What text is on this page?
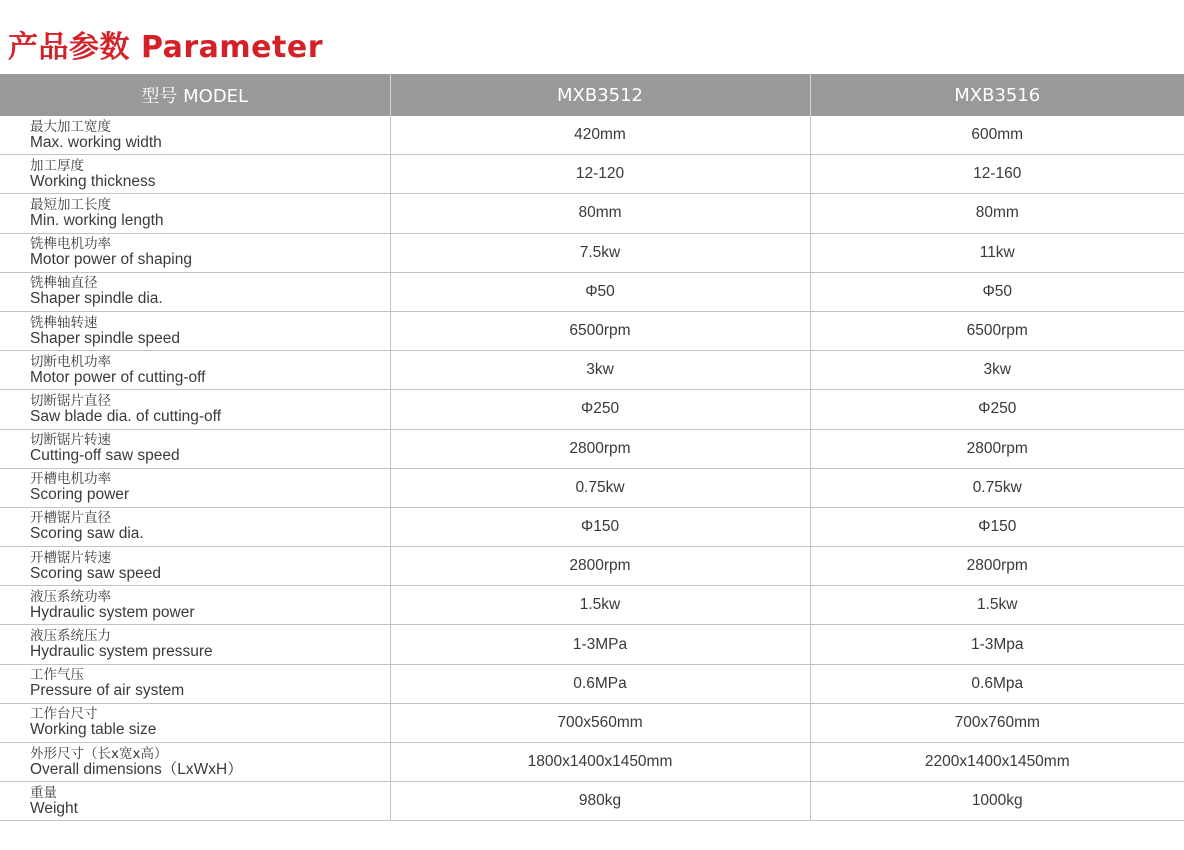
产品参数 Parameter
型号 MODEL	MXB3512	MXB3516

最大加工宽度
Max. working width	420mm	600mm

加工厚度
Working thickness	12-120	12-160

最短加工长度
Min. working length	80mm	80mm

铣榫电机功率
Motor power of shaping	7.5kw	11kw

铣榫轴直径
Shaper spindle dia.	Φ50	Φ50

铣榫轴转速
Shaper spindle speed	6500rpm	6500rpm

切断电机功率
Motor power of cutting-off	3kw	3kw

切断锯片直径
Saw blade dia. of cutting-off	Φ250	Φ250

切断锯片转速
Cutting-off saw speed	2800rpm	2800rpm

开槽电机功率
Scoring power	0.75kw	0.75kw

开槽锯片直径
Scoring saw dia.	Φ150	Φ150

开槽锯片转速
Scoring saw speed	2800rpm	2800rpm

液压系统功率
Hydraulic system power	1.5kw	1.5kw

液压系统压力
Hydraulic system pressure	1-3MPa	1-3Mpa

工作气压
Pressure of air system	0.6MPa	0.6Mpa

工作台尺寸
Working table size	700x560mm	700x760mm

外形尺寸（长x宽x高）
Overall dimensions（LxWxH）	1800x1400x1450mm	2200x1400x1450mm

重量
Weight	980kg	1000kg
